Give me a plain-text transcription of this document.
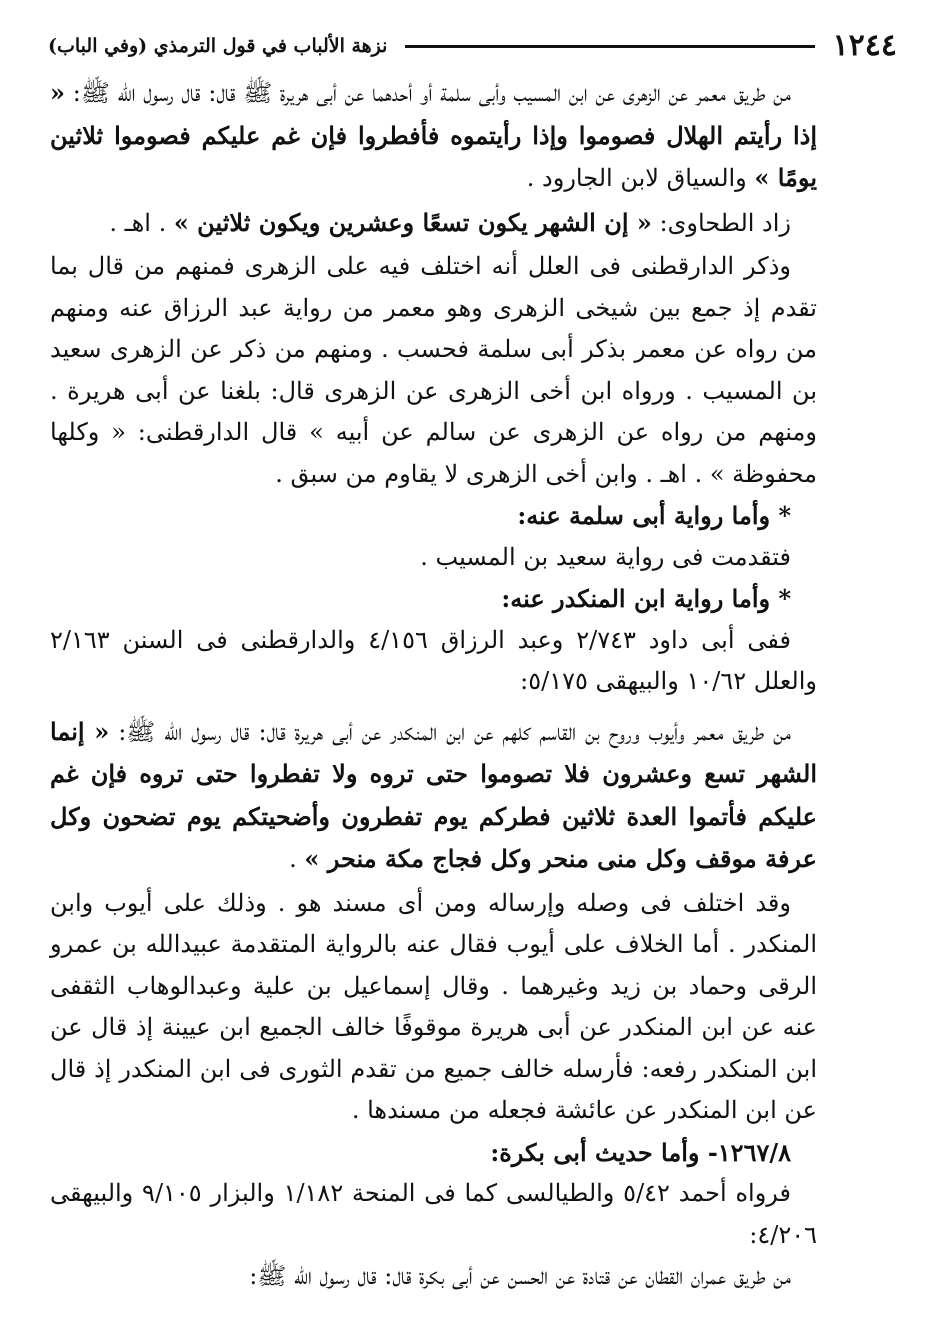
١٢٤٤
نزهة الألباب في قول الترمذي (وفي الباب)

من طريق معمر عن الزهرى عن ابن المسيب وأبى سلمة أو أحدهما عن أبى هريرة ﷺ قال: قال رسول الله ﷺ: « إذا رأيتم الهلال فصوموا وإذا رأيتموه فأفطروا فإن غم عليكم فصوموا ثلاثين يومًا » والسياق لابن الجارود .

زاد الطحاوى: « إن الشهر يكون تسعًا وعشرين ويكون ثلاثين » . اهـ .

وذكر الدارقطنى فى العلل أنه اختلف فيه على الزهرى فمنهم من قال بما تقدم إذ جمع بين شيخى الزهرى وهو معمر من رواية عبد الرزاق عنه ومنهم من رواه عن معمر بذكر أبى سلمة فحسب . ومنهم من ذكر عن الزهرى سعيد بن المسيب . ورواه ابن أخى الزهرى عن الزهرى قال: بلغنا عن أبى هريرة . ومنهم من رواه عن الزهرى عن سالم عن أبيه » قال الدارقطنى: « وكلها محفوظة » . اهـ . وابن أخى الزهرى لا يقاوم من سبق .

* وأما رواية أبى سلمة عنه:

فتقدمت فى رواية سعيد بن المسيب .

* وأما رواية ابن المنكدر عنه:

ففى أبى داود ٢/٧٤٣ وعبد الرزاق ٤/١٥٦ والدارقطنى فى السنن ٢/١٦٣ والعلل ١٠/٦٢ والبيهقى ٥/١٧٥:

من طريق معمر وأيوب وروح بن القاسم كلهم عن ابن المنكدر عن أبى هريرة قال: قال رسول الله ﷺ: « إنما الشهر تسع وعشرون فلا تصوموا حتى تروه ولا تفطروا حتى تروه فإن غم عليكم فأتموا العدة ثلاثين فطركم يوم تفطرون وأضحيتكم يوم تضحون وكل عرفة موقف وكل منى منحر وكل فجاج مكة منحر » .

وقد اختلف فى وصله وإرساله ومن أى مسند هو . وذلك على أيوب وابن المنكدر . أما الخلاف على أيوب فقال عنه بالرواية المتقدمة عبيدالله بن عمرو الرقى وحماد بن زيد وغيرهما . وقال إسماعيل بن علية وعبدالوهاب الثقفى عنه عن ابن المنكدر عن أبى هريرة موقوفًا خالف الجميع ابن عيينة إذ قال عن ابن المنكدر رفعه: فأرسله خالف جميع من تقدم الثورى فى ابن المنكدر إذ قال عن ابن المنكدر عن عائشة فجعله من مسندها .

١٢٦٧/٨- وأما حديث أبى بكرة:

فرواه أحمد ٥/٤٢ والطيالسى كما فى المنحة ١/١٨٢ والبزار ٩/١٠٥ والبيهقى ٤/٢٠٦:

من طريق عمران القطان عن قتادة عن الحسن عن أبى بكرة قال: قال رسول الله ﷺ:
